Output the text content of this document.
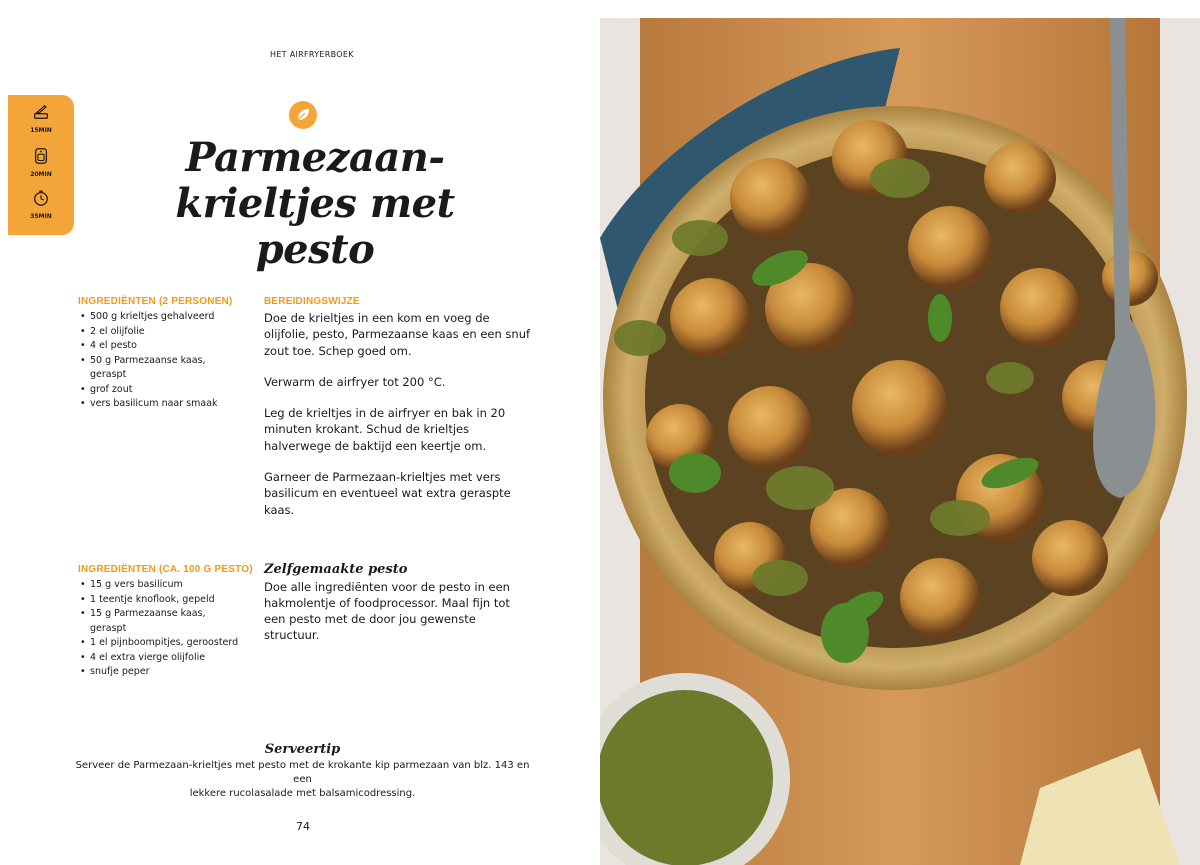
HET AIRFRYERBOEK
15MIN
20MIN
35MIN
Parmezaan-
krieltjes met pesto
INGREDIËNTEN (2 PERSONEN)
• 500 g krieltjes gehalveerd
• 2 el olijfolie
• 4 el pesto
• 50 g Parmezaanse kaas,
geraspt
• grof zout
• vers basilicum naar smaak
BEREIDINGSWIJZE

Doe de krieltjes in een kom en voeg de olijfolie, pesto, Parmezaanse kaas en een snuf zout toe. Schep goed om.

Verwarm de airfryer tot 200 °C.

Leg de krieltjes in de airfryer en bak in 20 minuten krokant. Schud de krieltjes halverwege de baktijd een keertje om.

Garneer de Parmezaan-krieltjes met vers basilicum en eventueel wat extra geraspte kaas.

INGREDIËNTEN (CA. 100 G PESTO)
• 15 g vers basilicum
• 1 teentje knoflook, gepeld
• 15 g Parmezaanse kaas,
geraspt
• 1 el pijnboompitjes, geroosterd
• 4 el extra vierge olijfolie
• snufje peper
Zelfgemaakte pesto

Doe alle ingrediënten voor de pesto in een hakmolentje of foodprocessor. Maal fijn tot een pesto met de door jou gewenste structuur.

Serveertip

Serveer de Parmezaan-krieltjes met pesto met de krokante kip parmezaan van blz. 143 en een

lekkere rucolasalade met balsamicodressing.

74
